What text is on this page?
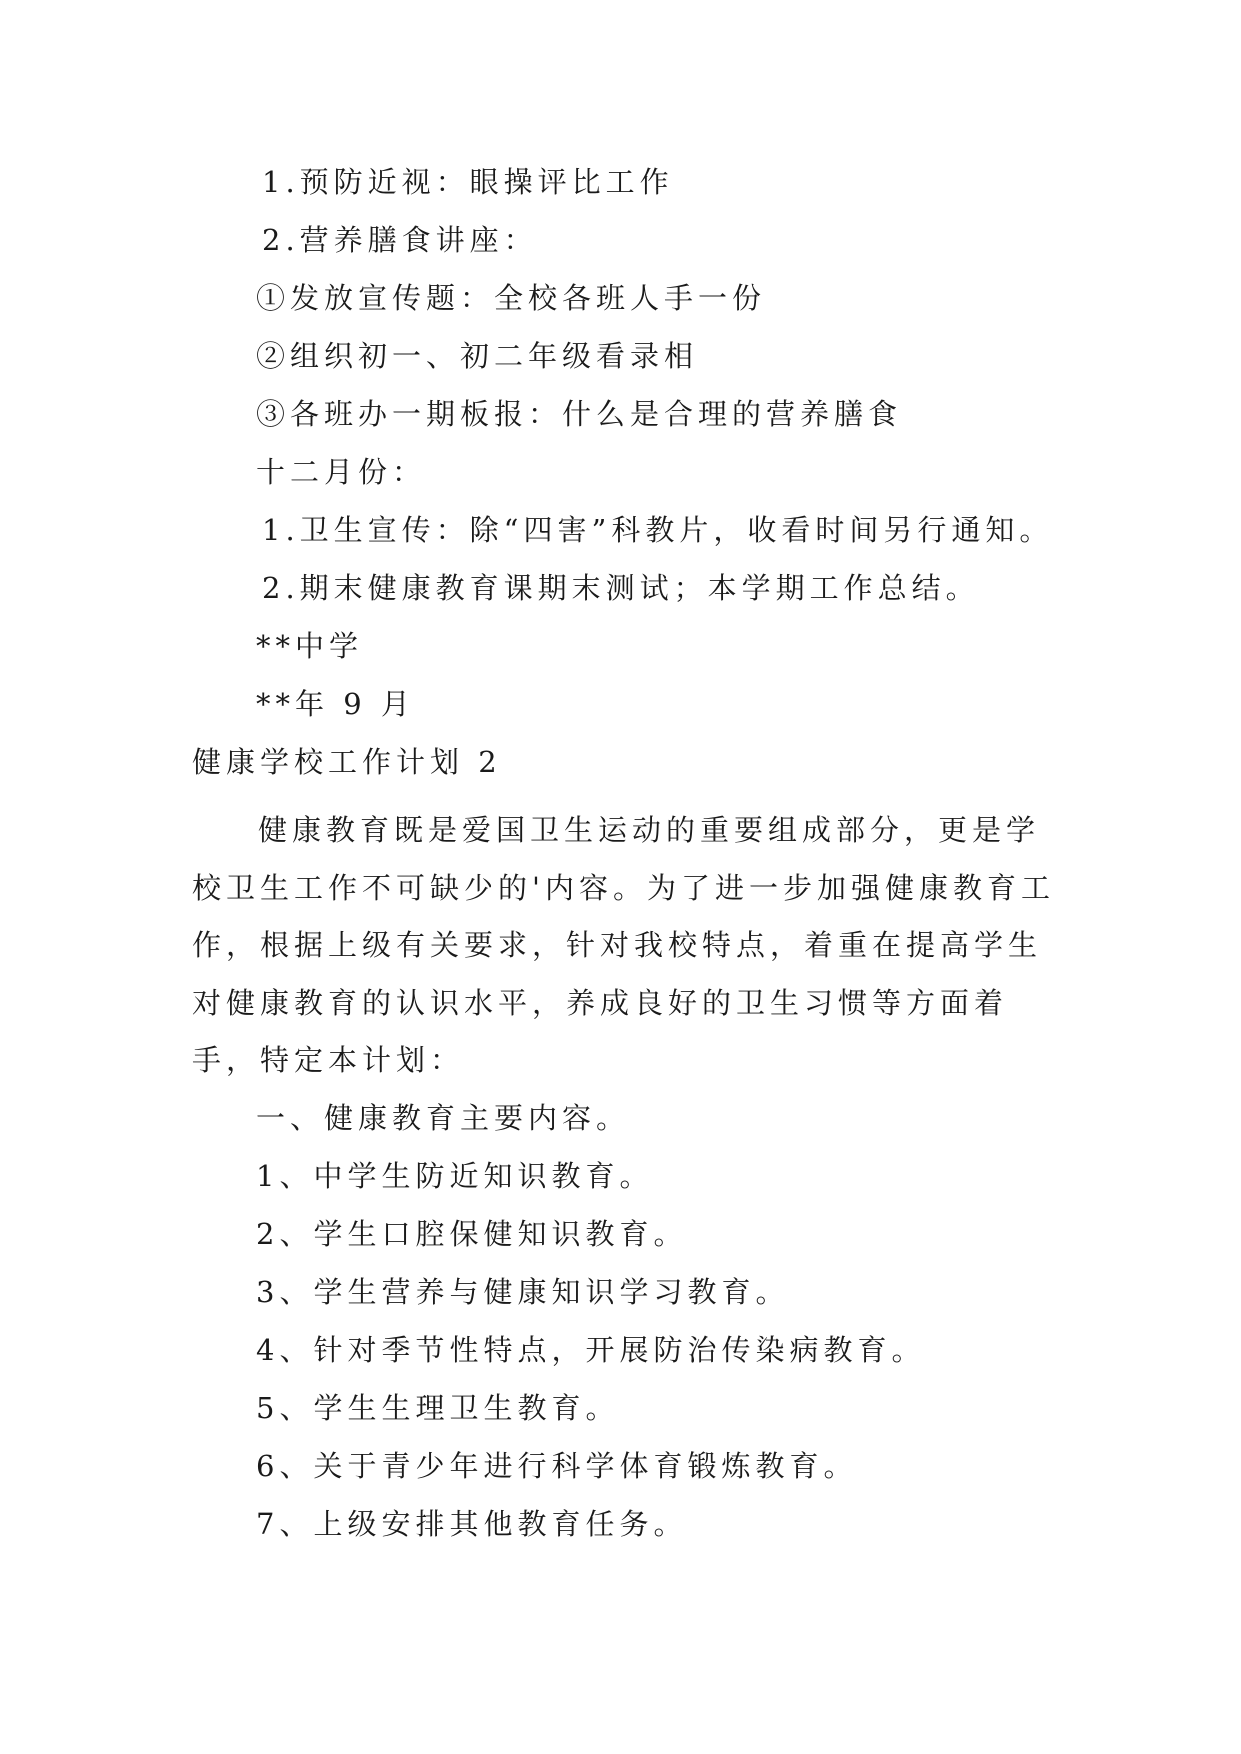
1.预防近视：眼操评比工作

2.营养膳食讲座：

①发放宣传题：全校各班人手一份

②组织初一、初二年级看录相

③各班办一期板报：什么是合理的营养膳食

十二月份：

1.卫生宣传：除“四害”科教片，收看时间另行通知。

2.期末健康教育课期末测试；本学期工作总结。

**中学

**年 9 月

健康学校工作计划 2

健康教育既是爱国卫生运动的重要组成部分，更是学校卫生工作不可缺少的'内容。为了进一步加强健康教育工作，根据上级有关要求，针对我校特点，着重在提高学生对健康教育的认识水平，养成良好的卫生习惯等方面着手，特定本计划：

一、健康教育主要内容。

1、中学生防近知识教育。

2、学生口腔保健知识教育。

3、学生营养与健康知识学习教育。

4、针对季节性特点，开展防治传染病教育。

5、学生生理卫生教育。

6、关于青少年进行科学体育锻炼教育。

7、上级安排其他教育任务。
